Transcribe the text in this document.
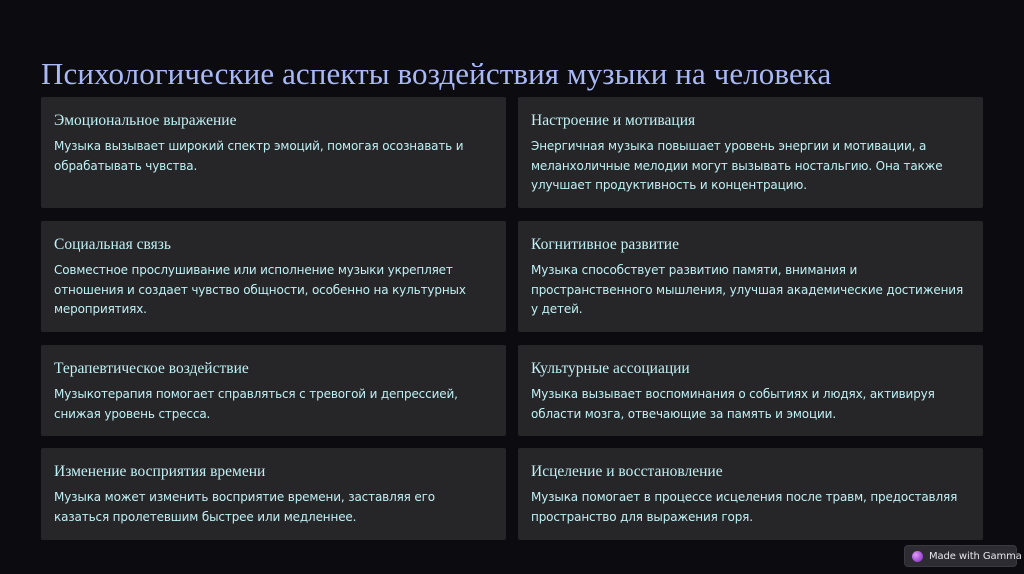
Психологические аспекты воздействия музыки на человека
Эмоциональное выражение

Музыка вызывает широкий спектр эмоций, помогая осознавать и обрабатывать чувства.

Настроение и мотивация

Энергичная музыка повышает уровень энергии и мотивации, а меланхоличные мелодии могут вызывать ностальгию. Она также улучшает продуктивность и концентрацию.

Социальная связь

Совместное прослушивание или исполнение музыки укрепляет отношения и создает чувство общности, особенно на культурных мероприятиях.

Когнитивное развитие

Музыка способствует развитию памяти, внимания и пространственного мышления, улучшая академические достижения у детей.

Терапевтическое воздействие

Музыкотерапия помогает справляться с тревогой и депрессией, снижая уровень стресса.

Культурные ассоциации

Музыка вызывает воспоминания о событиях и людях, активируя области мозга, отвечающие за память и эмоции.

Изменение восприятия времени

Музыка может изменить восприятие времени, заставляя его казаться пролетевшим быстрее или медленнее.

Исцеление и восстановление

Музыка помогает в процессе исцеления после травм, предоставляя пространство для выражения горя.

Made with Gamma
